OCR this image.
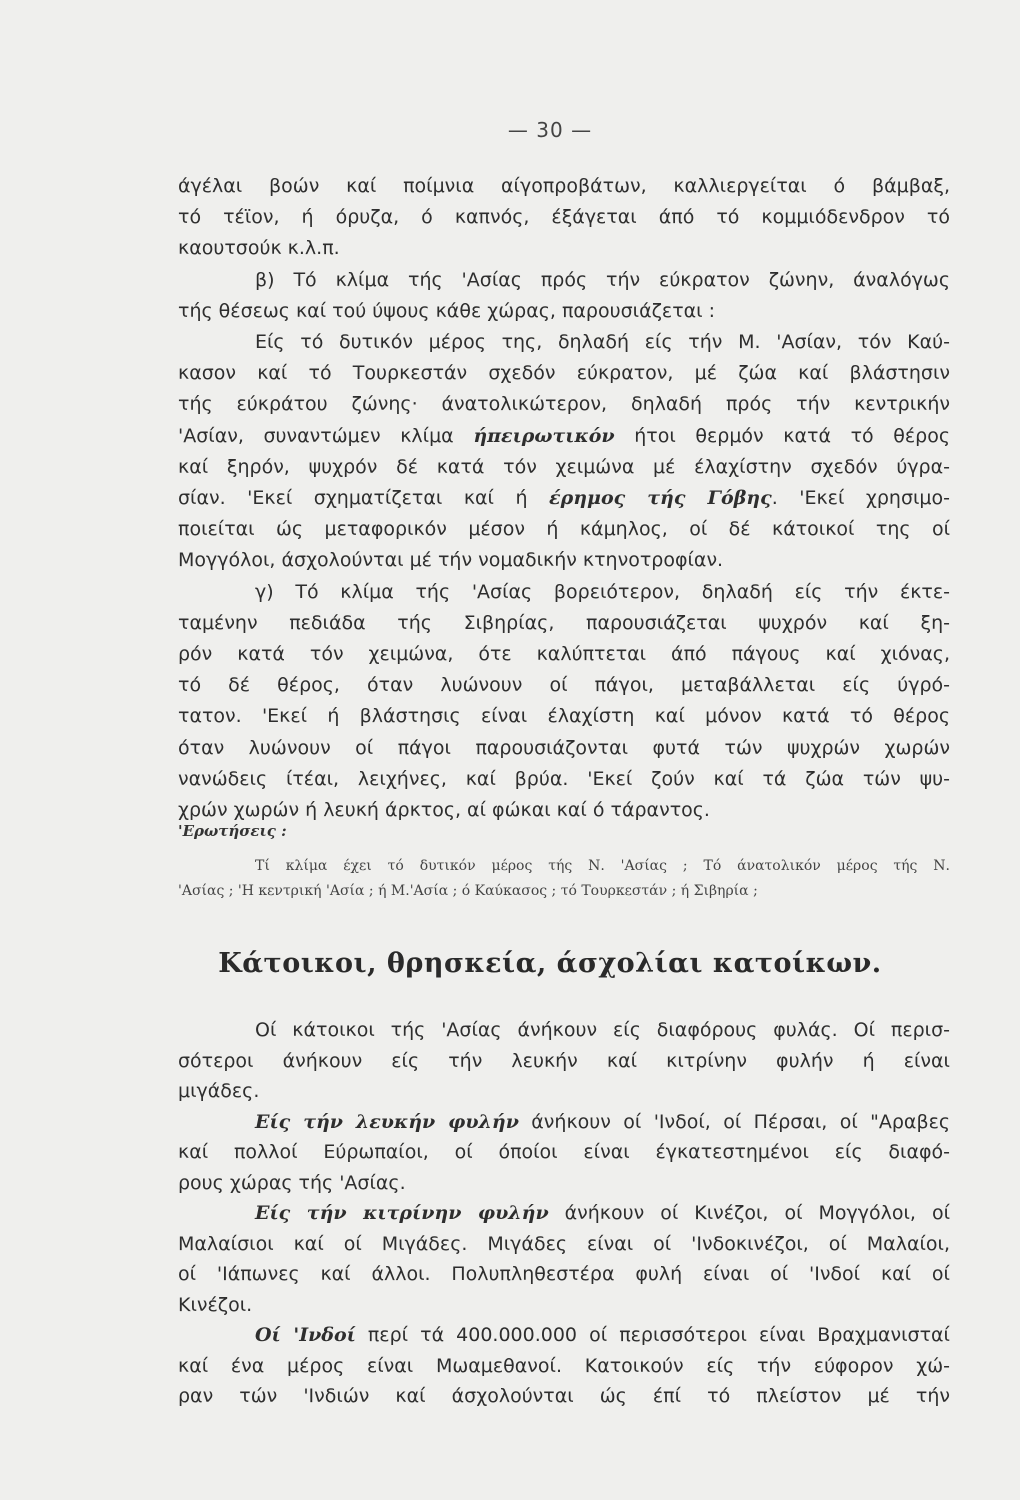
— 30 —
άγέλαι βοών καί ποίμνια αίγοπροβάτων, καλλιεργείται ό βάμβαξ,
τό τέϊον, ή όρυζα, ό καπνός, έξάγεται άπό τό κομμιόδενδρον τό
καουτσούκ κ.λ.π.
β) Τό κλίμα τής 'Ασίας πρός τήν εύκρατον ζώνην, άναλόγως
τής θέσεως καί τού ύψους κάθε χώρας, παρουσιάζεται :
Είς τό δυτικόν μέρος της, δηλαδή είς τήν Μ. 'Ασίαν, τόν Καύ-
κασον καί τό Τουρκεστάν σχεδόν εύκρατον, μέ ζώα καί βλάστησιν
τής εύκράτου ζώνης· άνατολικώτερον, δηλαδή πρός τήν κεντρικήν
'Ασίαν, συναντώμεν κλίμα ήπειρωτικόν ήτοι θερμόν κατά τό θέρος
καί ξηρόν, ψυχρόν δέ κατά τόν χειμώνα μέ έλαχίστην σχεδόν ύγρα-
σίαν. 'Εκεί σχηματίζεται καί ή έρημος τής Γόβης. 'Εκεί χρησιμο-
ποιείται ώς μεταφορικόν μέσον ή κάμηλος, οί δέ κάτοικοί της οί
Μογγόλοι, άσχολούνται μέ τήν νομαδικήν κτηνοτροφίαν.
γ) Τό κλίμα τής 'Ασίας βορειότερον, δηλαδή είς τήν έκτε-
ταμένην πεδιάδα τής Σιβηρίας, παρουσιάζεται ψυχρόν καί ξη-
ρόν κατά τόν χειμώνα, ότε καλύπτεται άπό πάγους καί χιόνας,
τό δέ θέρος, όταν λυώνουν οί πάγοι, μεταβάλλεται είς ύγρό-
τατον. 'Εκεί ή βλάστησις είναι έλαχίστη καί μόνον κατά τό θέρος
όταν λυώνουν οί πάγοι παρουσιάζονται φυτά τών ψυχρών χωρών
νανώδεις ίτέαι, λειχήνες, καί βρύα. 'Εκεί ζούν καί τά ζώα τών ψυ-
χρών χωρών ή λευκή άρκτος, αί φώκαι καί ό τάραντος.
'Ερωτήσεις :
Τί κλίμα έχει τό δυτικόν μέρος τής Ν. 'Ασίας ; Τό άνατολικόν μέρος τής Ν.
'Ασίας ; 'Η κεντρική 'Ασία ; ή Μ.'Ασία ; ό Καύκασος ; τό Τουρκεστάν ; ή Σιβηρία ;
Κάτοικοι, θρησκεία, άσχολίαι κατοίκων.
Οί κάτοικοι τής 'Ασίας άνήκουν είς διαφόρους φυλάς. Οί περισ-
σότεροι άνήκουν είς τήν λευκήν καί κιτρίνην φυλήν ή είναι
μιγάδες.
Είς τήν λευκήν φυλήν άνήκουν οί 'Ινδοί, οί Πέρσαι, οί "Αραβες
καί πολλοί Εύρωπαίοι, οί όποίοι είναι έγκατεστημένοι είς διαφό-
ρους χώρας τής 'Ασίας.
Είς τήν κιτρίνην φυλήν άνήκουν οί Κινέζοι, οί Μογγόλοι, οί
Μαλαίσιοι καί οί Μιγάδες. Μιγάδες είναι οί 'Ινδοκινέζοι, οί Μαλαίοι,
οί 'Ιάπωνες καί άλλοι. Πολυπληθεστέρα φυλή είναι οί 'Ινδοί καί οί
Κινέζοι.
Οί 'Ινδοί περί τά 400.000.000 οί περισσότεροι είναι Βραχμανισταί
καί ένα μέρος είναι Μωαμεθανοί. Κατοικούν είς τήν εύφορον χώ-
ραν τών 'Ινδιών καί άσχολούνται ώς έπί τό πλείστον μέ τήν
